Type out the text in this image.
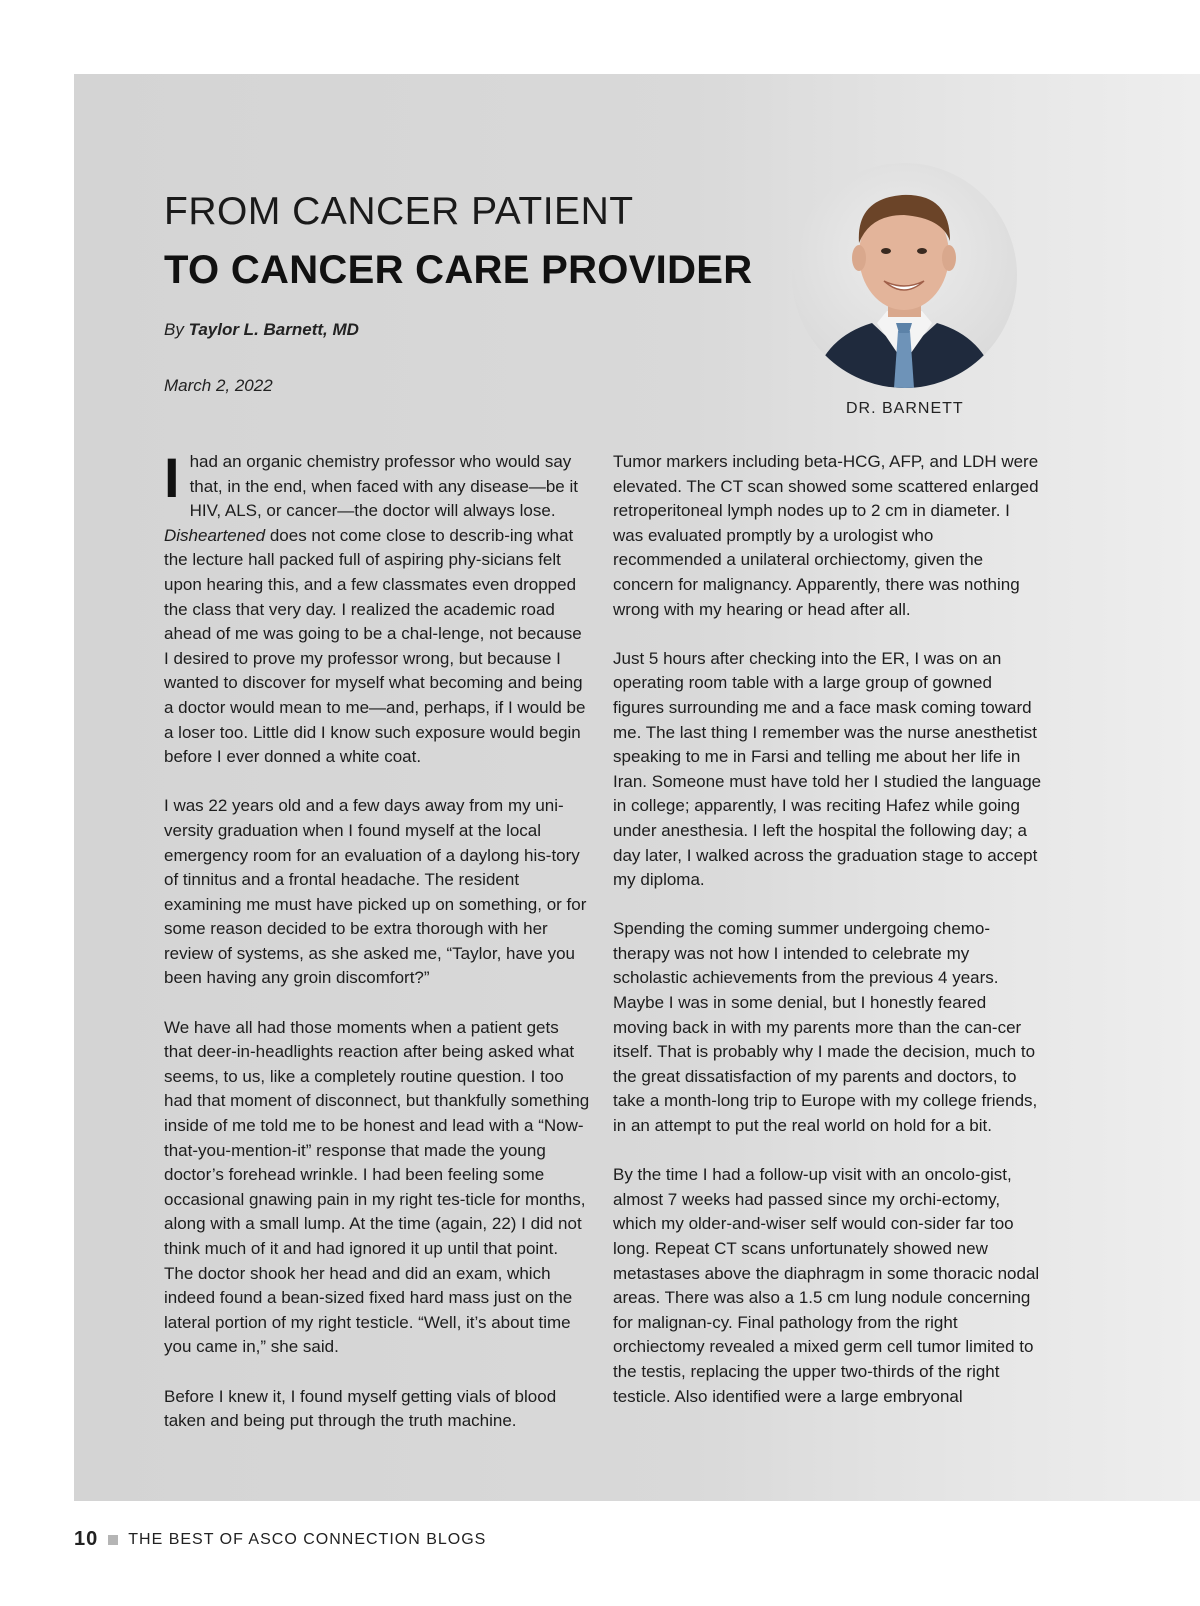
FROM CANCER PATIENT
TO CANCER CARE PROVIDER
By Taylor L. Barnett, MD
March 2, 2022
DR. BARNETT

Ihad an organic chemistry professor who would say that, in the end, when faced with any disease—be it HIV, ALS, or cancer—the doctor will always lose. Disheartened does not come close to describ-ing what the lecture hall packed full of aspiring phy-sicians felt upon hearing this, and a few classmates even dropped the class that very day. I realized the academic road ahead of me was going to be a chal-lenge, not because I desired to prove my professor wrong, but because I wanted to discover for myself what becoming and being a doctor would mean to me—and, perhaps, if I would be a loser too. Little did I know such exposure would begin before I ever donned a white coat.

I was 22 years old and a few days away from my uni-versity graduation when I found myself at the local emergency room for an evaluation of a daylong his-tory of tinnitus and a frontal headache. The resident examining me must have picked up on something, or for some reason decided to be extra thorough with her review of systems, as she asked me, “Taylor, have you been having any groin discomfort?”

We have all had those moments when a patient gets that deer-in-headlights reaction after being asked what seems, to us, like a completely routine question. I too had that moment of disconnect, but thankfully something inside of me told me to be honest and lead with a “Now-that-you-mention-it” response that made the young doctor’s forehead wrinkle. I had been feeling some occasional gnawing pain in my right tes-ticle for months, along with a small lump. At the time (again, 22) I did not think much of it and had ignored it up until that point. The doctor shook her head and did an exam, which indeed found a bean-sized fixed hard mass just on the lateral portion of my right testicle. “Well, it’s about time you came in,” she said.

Before I knew it, I found myself getting vials of blood taken and being put through the truth machine.

Tumor markers including beta-HCG, AFP, and LDH were elevated. The CT scan showed some scattered enlarged retroperitoneal lymph nodes up to 2 cm in diameter. I was evaluated promptly by a urologist who recommended a unilateral orchiectomy, given the concern for malignancy. Apparently, there was nothing wrong with my hearing or head after all.

Just 5 hours after checking into the ER, I was on an operating room table with a large group of gowned figures surrounding me and a face mask coming toward me. The last thing I remember was the nurse anesthetist speaking to me in Farsi and telling me about her life in Iran. Someone must have told her I studied the language in college; apparently, I was reciting Hafez while going under anesthesia. I left the hospital the following day; a day later, I walked across the graduation stage to accept my diploma.

Spending the coming summer undergoing chemo-therapy was not how I intended to celebrate my scholastic achievements from the previous 4 years. Maybe I was in some denial, but I honestly feared moving back in with my parents more than the can-cer itself. That is probably why I made the decision, much to the great dissatisfaction of my parents and doctors, to take a month-long trip to Europe with my college friends, in an attempt to put the real world on hold for a bit.

By the time I had a follow-up visit with an oncolo-gist, almost 7 weeks had passed since my orchi-ectomy, which my older-and-wiser self would con-sider far too long. Repeat CT scans unfortunately showed new metastases above the diaphragm in some thoracic nodal areas. There was also a 1.5 cm lung nodule concerning for malignan-cy. Final pathology from the right orchiectomy revealed a mixed germ cell tumor limited to the testis, replacing the upper two-thirds of the right testicle. Also identified were a large embryonal

10 THE BEST OF ASCO CONNECTION BLOGS
